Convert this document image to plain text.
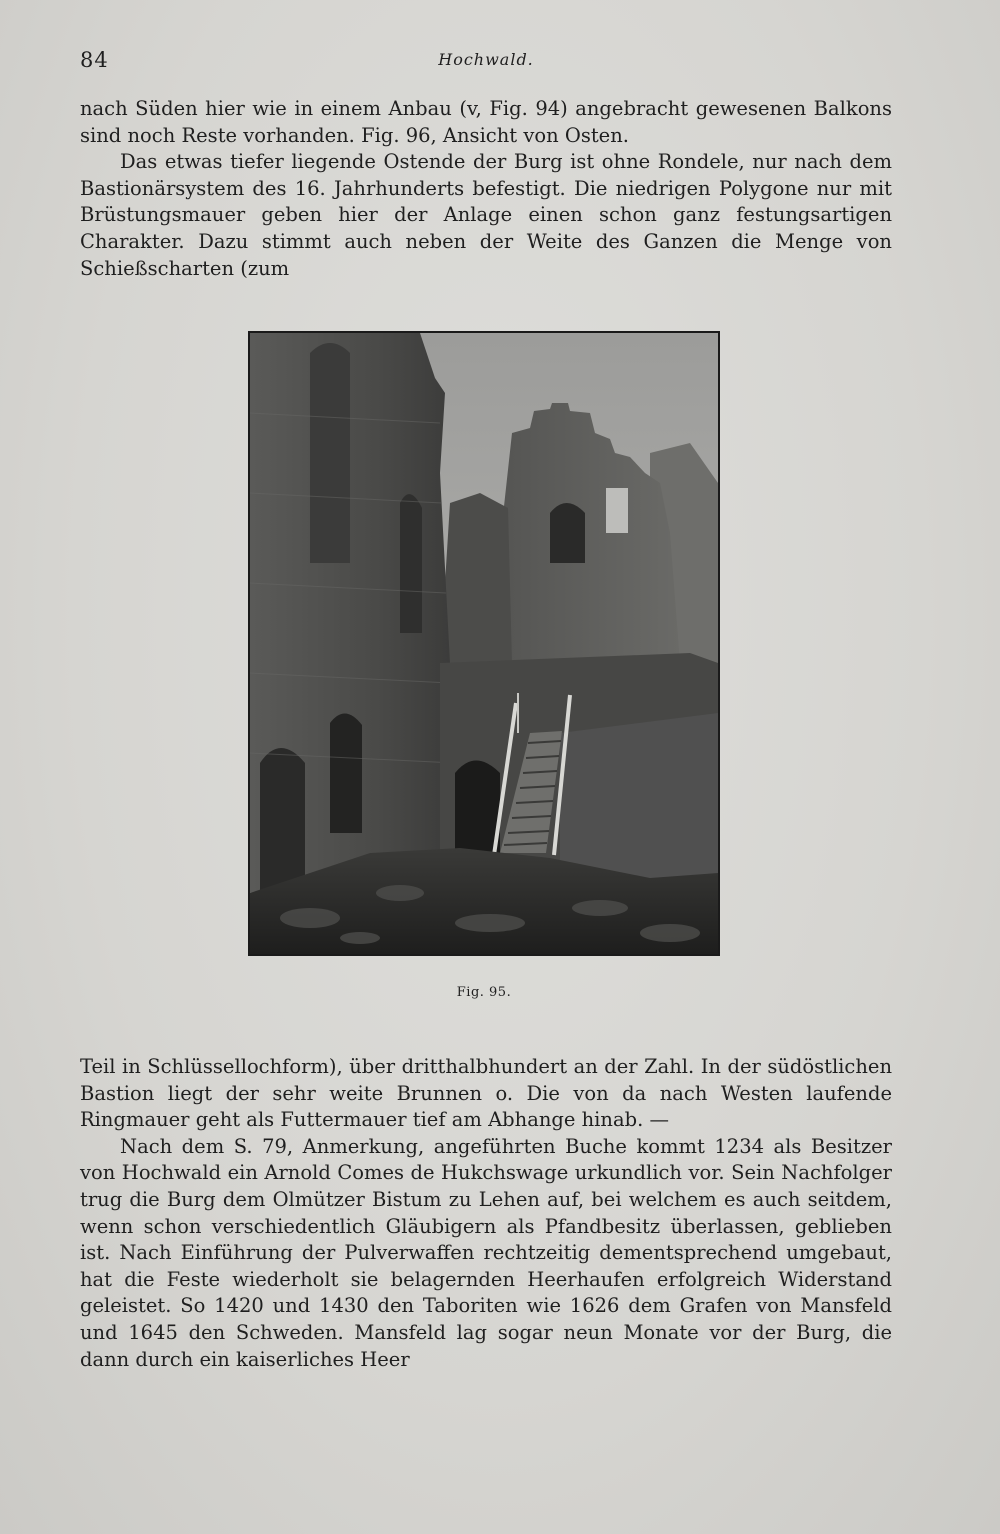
84	Hochwald.

nach Süden hier wie in einem Anbau (v, Fig. 94) angebracht gewesenen Balkons sind noch Reste vorhanden. Fig. 96, Ansicht von Osten.

Das etwas tiefer liegende Ostende der Burg ist ohne Rondele, nur nach dem Bastionärsystem des 16. Jahrhunderts befestigt. Die niedrigen Polygone nur mit Brüstungsmauer geben hier der Anlage einen schon ganz festungsartigen Charakter. Dazu stimmt auch neben der Weite des Ganzen die Menge von Schießscharten (zum

Fig. 95.

Teil in Schlüssellochform), über dritthalbhundert an der Zahl. In der südöstlichen Bastion liegt der sehr weite Brunnen o. Die von da nach Westen laufende Ringmauer geht als Futtermauer tief am Abhange hinab. —

Nach dem S. 79, Anmerkung, angeführten Buche kommt 1234 als Besitzer von Hochwald ein Arnold Comes de Hukchswage urkundlich vor. Sein Nachfolger trug die Burg dem Olmützer Bistum zu Lehen auf, bei welchem es auch seitdem, wenn schon verschiedentlich Gläubigern als Pfandbesitz überlassen, geblieben ist. Nach Einführung der Pulverwaffen rechtzeitig dementsprechend umgebaut, hat die Feste wiederholt sie belagernden Heerhaufen erfolgreich Widerstand geleistet. So 1420 und 1430 den Taboriten wie 1626 dem Grafen von Mansfeld und 1645 den Schweden. Mansfeld lag sogar neun Monate vor der Burg, die dann durch ein kaiserliches Heer
